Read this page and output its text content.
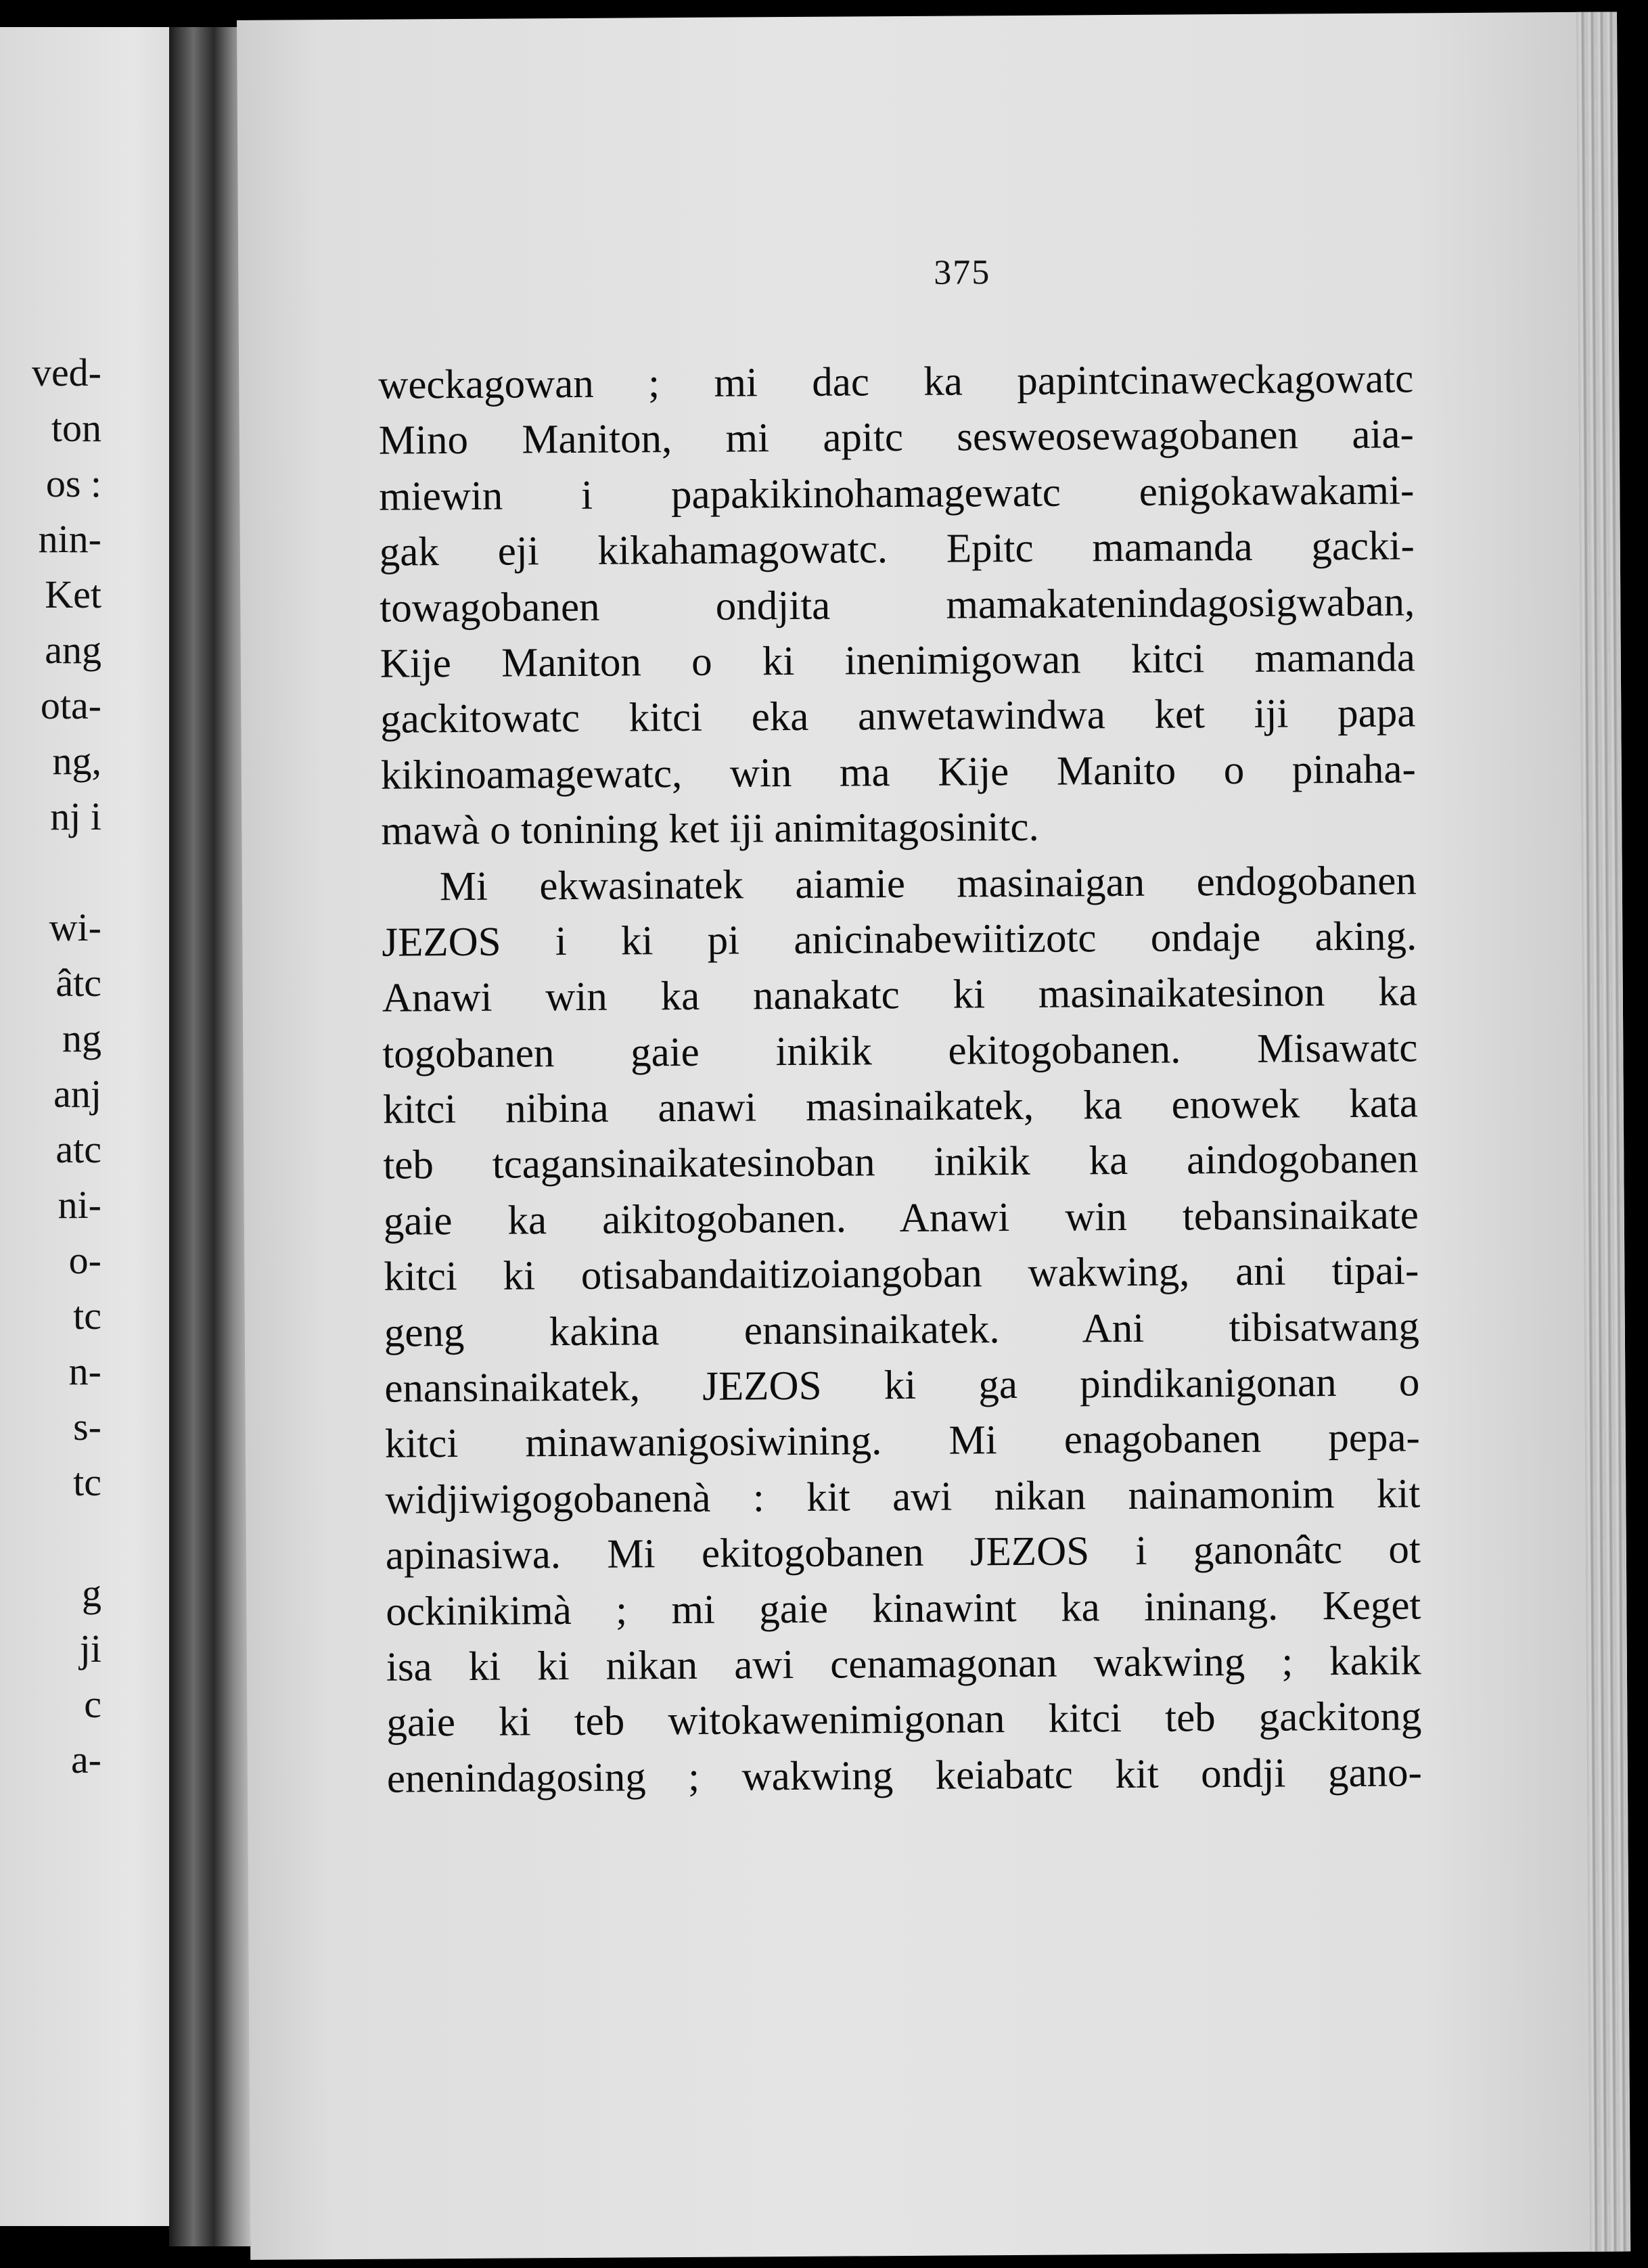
ved-
ton
os :
nin-
Ket
ang
ota-
ng,
nj i
wi-
âtc
ng
anj
atc
ni-
o-
tc
n-
s-
tc
g
ji
c
a-
375
weckagowan ; mi dac ka papintcinaweckagowatc
Mino Maniton, mi apitc sesweosewagobanen aia-
miewin i papakikinohamagewatc enigokawakami-
gak eji kikahamagowatc. Epitc mamanda gacki-
towagobanen ondjita mamakatenindagosigwaban,
Kije Maniton o ki inenimigowan kitci mamanda
gackitowatc kitci eka anwetawindwa ket iji papa
kikinoamagewatc, win ma Kije Manito o pinaha-
mawà o tonining ket iji animitagosinitc.
Mi ekwasinatek aiamie masinaigan endogobanen
JEZOS i ki pi anicinabewiitizotc ondaje aking.
Anawi win ka nanakatc ki masinaikatesinon ka
togobanen gaie inikik ekitogobanen. Misawatc
kitci nibina anawi masinaikatek, ka enowek kata
teb tcagansinaikatesinoban inikik ka aindogobanen
gaie ka aikitogobanen. Anawi win tebansinaikate
kitci ki otisabandaitizoiangoban wakwing, ani tipai-
geng kakina enansinaikatek. Ani tibisatwang
enansinaikatek, JEZOS ki ga pindikanigonan o
kitci minawanigosiwining. Mi enagobanen pepa-
widjiwigogobanenà : kit awi nikan nainamonim kit
apinasiwa. Mi ekitogobanen JEZOS i ganonâtc ot
ockinikimà ; mi gaie kinawint ka ininang. Keget
isa ki ki nikan awi cenamagonan wakwing ; kakik
gaie ki teb witokawenimigonan kitci teb gackitong
enenindagosing ; wakwing keiabatc kit ondji gano-
